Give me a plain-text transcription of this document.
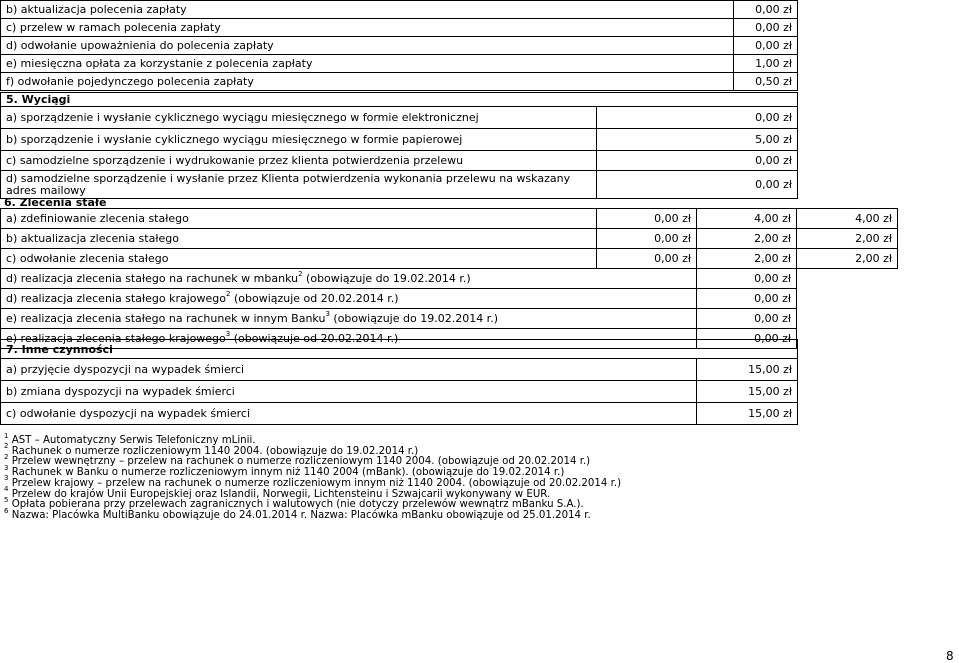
b) aktualizacja polecenia zapłaty	0,00 zł
c) przelew w ramach polecenia zapłaty	0,00 zł
d) odwołanie upoważnienia do polecenia zapłaty	0,00 zł
e) miesięczna opłata za korzystanie z polecenia zapłaty	1,00 zł
f) odwołanie pojedynczego polecenia zapłaty	0,50 zł
5. Wyciągi	
a) sporządzenie i wysłanie cyklicznego wyciągu miesięcznego w formie elektronicznej	0,00 zł
b) sporządzenie i wysłanie cyklicznego wyciągu miesięcznego w formie papierowej	5,00 zł
c) samodzielne sporządzenie i wydrukowanie przez klienta potwierdzenia przelewu	0,00 zł
d) samodzielne sporządzenie i wysłanie przez Klienta potwierdzenia wykonania przelewu na wskazany adres mailowy	0,00 zł
6. Zlecenia stałe
a) zdefiniowanie zlecenia stałego	0,00 zł	4,00 zł	4,00 zł
b) aktualizacja zlecenia stałego	0,00 zł	2,00 zł	2,00 zł
c) odwołanie zlecenia stałego	0,00 zł	2,00 zł	2,00 zł
d) realizacja zlecenia stałego na rachunek w mbanku$^2$ (obowiązuje do 19.02.2014 r.)		0,00 zł	
d) realizacja zlecenia stałego krajowego$^2$ (obowiązuje od 20.02.2014 r.)		0,00 zł	
e) realizacja zlecenia stałego na rachunek w innym Banku$^3$ (obowiązuje do 19.02.2014 r.)		0,00 zł	
e) realizacja zlecenia stałego krajowego$^3$ (obowiązuje od 20.02.2014 r.)		0,00 zł	
7. Inne czynności	
a) przyjęcie dyspozycji na wypadek śmierci	15,00 zł
b) zmiana dyspozycji na wypadek śmierci	15,00 zł
c) odwołanie dyspozycji na wypadek śmierci	15,00 zł
$^1$ AST – Automatyczny Serwis Telefoniczny mLinii.
$^2$ Rachunek o numerze rozliczeniowym 1140 2004. (obowiązuje do 19.02.2014 r.)
$^2$ Przelew wewnętrzny – przelew na rachunek o numerze rozliczeniowym 1140 2004. (obowiązuje od 20.02.2014 r.)
$^3$ Rachunek w Banku o numerze rozliczeniowym innym niż 1140 2004 (mBank). (obowiązuje do 19.02.2014 r.)
$^3$ Przelew krajowy – przelew na rachunek o numerze rozliczeniowym innym niż 1140 2004. (obowiązuje od 20.02.2014 r.)
$^4$ Przelew do krajów Unii Europejskiej oraz Islandii, Norwegii, Lichtensteinu i Szwajcarii wykonywany w EUR.
$^5$ Opłata pobierana przy przelewach zagranicznych i walutowych (nie dotyczy przelewów wewnątrz mBanku S.A.).
$^6$ Nazwa: Placówka MultiBanku obowiązuje do 24.01.2014 r. Nazwa: Placówka mBanku obowiązuje od 25.01.2014 r.
8
